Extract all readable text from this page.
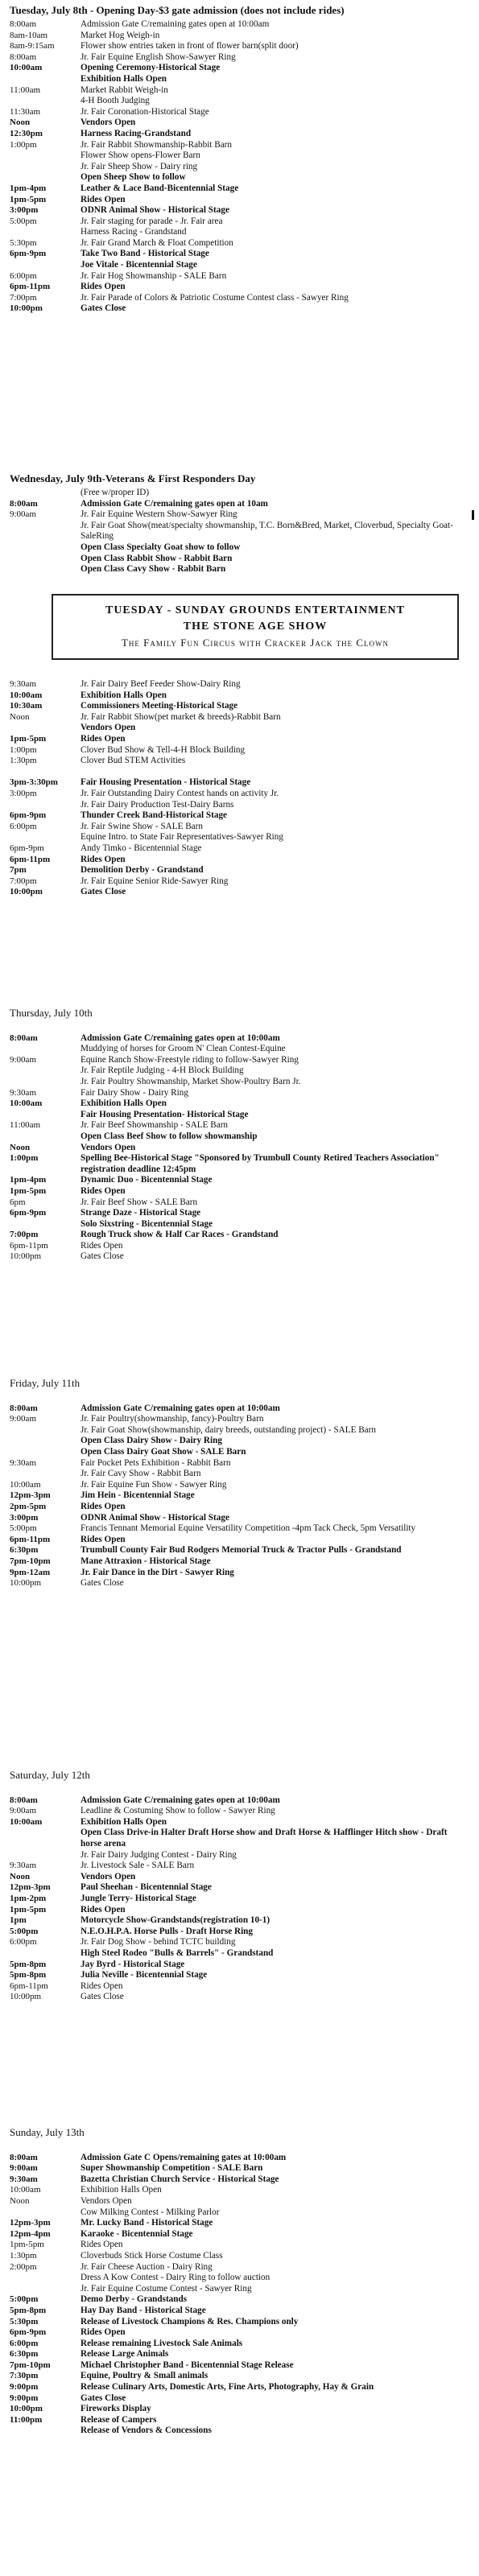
Tuesday, July 8th - Opening Day-$3 gate admission (does not include rides)
8:00am	Admission Gate C/remaining gates open at 10:00am
8am-10am	Market Hog Weigh-in
8am-9:15am	Flower show entries taken in front of flower barn(split door)
8:00am	Jr. Fair Equine English Show-Sawyer Ring
10:00am	Opening Ceremony-Historical Stage
Exhibition Halls Open
11:00am	Market Rabbit Weigh-in
4-H Booth Judging
11:30am	Jr. Fair Coronation-Historical Stage
Noon	Vendors Open
12:30pm	Harness Racing-Grandstand
1:00pm	Jr. Fair Rabbit Showmanship-Rabbit Barn
Flower Show opens-Flower Barn
Jr. Fair Sheep Show - Dairy ring
Open Sheep Show to follow
1pm-4pm	Leather & Lace Band-Bicentennial Stage
1pm-5pm	Rides Open
3:00pm	ODNR Animal Show - Historical Stage
5:00pm	Jr. Fair staging for parade - Jr. Fair area
Harness Racing - Grandstand
5:30pm	Jr. Fair Grand March & Float Competition
6pm-9pm	Take Two Band - Historical Stage
Joe Vitale - Bicentennial Stage
6:00pm	Jr. Fair Hog Showmanship - SALE Barn
6pm-11pm	Rides Open
7:00pm	Jr. Fair Parade of Colors & Patriotic Costume Contest class - Sawyer Ring
10:00pm	Gates Close
Wednesday, July 9th-Veterans & First Responders Day
(Free w/proper ID)
8:00am	Admission Gate C/remaining gates open at 10am
9:00am	Jr. Fair Equine Western Show-Sawyer Ring
Jr. Fair Goat Show(meat/specialty showmanship, T.C. Born&Bred, Market, Cloverbud, Specialty Goat-SaleRing
Open Class Specialty Goat show to follow
Open Class Rabbit Show - Rabbit Barn
Open Class Cavy Show - Rabbit Barn
TUESDAY - SUNDAY GROUNDS ENTERTAINMENT
THE STONE AGE SHOW
The Family Fun Circus with Cracker Jack the Clown
9:30am	Jr. Fair Dairy Beef Feeder Show-Dairy Ring
10:00am	Exhibition Halls Open
10:30am	Commissioners Meeting-Historical Stage
Noon	Jr. Fair Rabbit Show(pet market & breeds)-Rabbit Barn
Vendors Open
1pm-5pm	Rides Open
1:00pm	Clover Bud Show & Tell-4-H Block Building
1:30pm	Clover Bud STEM Activities
3pm-3:30pm	Fair Housing Presentation - Historical Stage
3:00pm	Jr. Fair Outstanding Dairy Contest hands on activity Jr.
Jr. Fair Dairy Production Test-Dairy Barns
6pm-9pm	Thunder Creek Band-Historical Stage
6:00pm	Jr. Fair Swine Show - SALE Barn
Equine Intro. to State Fair Representatives-Sawyer Ring
6pm-9pm	Andy Timko - Bicentennial Stage
6pm-11pm	Rides Open
7pm	Demolition Derby - Grandstand
7:00pm	Jr. Fair Equine Senior Ride-Sawyer Ring
10:00pm	Gates Close
Thursday, July 10th
8:00am	Admission Gate C/remaining gates open at 10:00am
Muddying of horses for Groom N' Clean Contest-Equine
9:00am	Equine Ranch Show-Freestyle riding to follow-Sawyer Ring
Jr. Fair Reptile Judging - 4-H Block Building
Jr. Fair Poultry Showmanship, Market Show-Poultry Barn Jr.
9:30am	Fair Dairy Show - Dairy Ring
10:00am	Exhibition Halls Open
Fair Housing Presentation- Historical Stage
11:00am	Jr. Fair Beef Showmanship - SALE Barn
Open Class Beef Show to follow showmanship
Noon	Vendors Open
1:00pm	Spelling Bee-Historical Stage "Sponsored by Trumbull County Retired Teachers Association" registration deadline 12:45pm
1pm-4pm	Dynamic Duo - Bicentennial Stage
1pm-5pm	Rides Open
6pm	Jr. Fair Beef Show - SALE Barn
6pm-9pm	Strange Daze - Historical Stage
Solo Sixstring - Bicentennial Stage
7:00pm	Rough Truck show & Half Car Races - Grandstand
6pm-11pm	Rides Open
10:00pm	Gates Close
Friday, July 11th
8:00am	Admission Gate C/remaining gates open at 10:00am
9:00am	Jr. Fair Poultry(showmanship, fancy)-Poultry Barn
Jr. Fair Goat Show(showmanship, dairy breeds, outstanding project) - SALE Barn
Open Class Dairy Show - Dairy Ring
Open Class Dairy Goat Show - SALE Barn
9:30am	Fair Pocket Pets Exhibition - Rabbit Barn
Jr. Fair Cavy Show - Rabbit Barn
10:00am	Jr. Fair Equine Fun Show - Sawyer Ring
12pm-3pm	Jim Hein - Bicentennial Stage
2pm-5pm	Rides Open
3:00pm	ODNR Animal Show - Historical Stage
5:00pm	Francis Tennant Memorial Equine Versatility Competition -4pm Tack Check, 5pm Versatility
6pm-11pm	Rides Open
6:30pm	Trumbull County Fair Bud Rodgers Memorial Truck & Tractor Pulls - Grandstand
7pm-10pm	Mane Attraxion - Historical Stage
9pm-12am	Jr. Fair Dance in the Dirt - Sawyer Ring
10:00pm	Gates Close
Saturday, July 12th
8:00am	Admission Gate C/remaining gates open at 10:00am
9:00am	Leadline & Costuming Show to follow - Sawyer Ring
10:00am	Exhibition Halls Open
Open Class Drive-in Halter Draft Horse show and Draft Horse & Hafflinger Hitch show - Draft horse arena
Jr. Fair Dairy Judging Contest - Dairy Ring
9:30am	Jr. Livestock Sale - SALE Barn
Noon	Vendors Open
12pm-3pm	Paul Sheehan - Bicentennial Stage
1pm-2pm	Jungle Terry- Historical Stage
1pm-5pm	Rides Open
1pm	Motorcycle Show-Grandstands(registration 10-1)
5:00pm	N.E.O.H.P.A. Horse Pulls - Draft Horse Ring
6:00pm	Jr. Fair Dog Show - behind TCTC building
High Steel Rodeo "Bulls & Barrels" - Grandstand
5pm-8pm	Jay Byrd - Historical Stage
5pm-8pm	Julia Neville - Bicentennial Stage
6pm-11pm	Rides Open
10:00pm	Gates Close
Sunday, July 13th
8:00am	Admission Gate C Opens/remaining gates at 10:00am
9:00am	Super Showmanship Competition - SALE Barn
9:30am	Bazetta Christian Church Service - Historical Stage
10:00am	Exhibition Halls Open
Noon	Vendors Open
Cow Milking Contest - Milking Parlor
12pm-3pm	Mr. Lucky Band - Historical Stage
12pm-4pm	Karaoke - Bicentennial Stage
1pm-5pm	Rides Open
1:30pm	Cloverbuds Stick Horse Costume Class
2:00pm	Jr. Fair Cheese Auction - Dairy Ring
Dress A Kow Contest - Dairy Ring to follow auction
Jr. Fair Equine Costume Contest - Sawyer Ring
5:00pm	Demo Derby - Grandstands
5pm-8pm	Hay Day Band - Historical Stage
5:30pm	Release of Livestock Champions & Res. Champions only
6pm-9pm	Rides Open
6:00pm	Release remaining Livestock Sale Animals
6:30pm	Release Large Animals
7pm-10pm	Michael Christopher Band - Bicentennial Stage Release
7:30pm	Equine, Poultry & Small animals
9:00pm	Release Culinary Arts, Domestic Arts, Fine Arts, Photography, Hay & Grain
9:00pm	Gates Close
10:00pm	Fireworks Display
11:00pm	Release of Campers
Release of Vendors & Concessions
